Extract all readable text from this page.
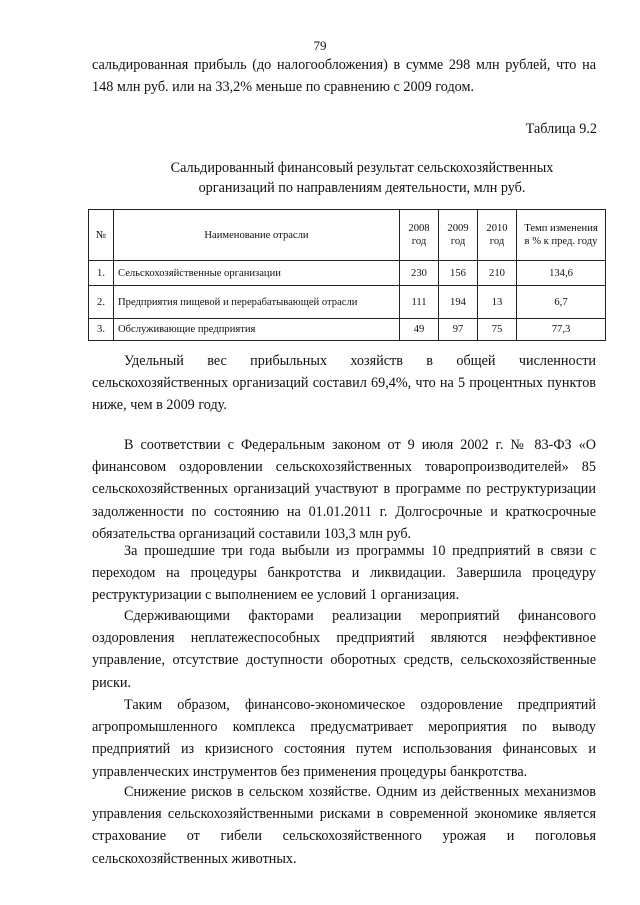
79

сальдированная прибыль (до налогообложения) в сумме 298 млн рублей, что на 148 млн руб. или на 33,2% меньше по сравнению с 2009 годом.

Таблица 9.2
Сальдированный финансовый результат сельскохозяйственных
организаций по направлениям деятельности, млн руб.
№	Наименование отрасли	2008 год	2009 год	2010 год	Темп изменения в % к пред. году
1.	Сельскохозяйственные организации	230	156	210	134,6
2.	Предприятия пищевой и перерабатывающей отрасли	111	194	13	6,7
3.	Обслуживающие предприятия	49	97	75	77,3

Удельный вес прибыльных хозяйств в общей численности сельскохозяйственных организаций составил 69,4%, что на 5 процентных пунктов ниже, чем в 2009 году.

В соответствии с Федеральным законом от 9 июля 2002 г. № 83-ФЗ «О финансовом оздоровлении сельскохозяйственных товаропроизводителей» 85 сельскохозяйственных организаций участвуют в программе по реструктуризации задолженности по состоянию на 01.01.2011 г. Долгосрочные и краткосрочные обязательства организаций составили 103,3 млн руб.

За прошедшие три года выбыли из программы 10 предприятий в связи с переходом на процедуры банкротства и ликвидации. Завершила процедуру реструктуризации с выполнением ее условий 1 организация.

Сдерживающими факторами реализации мероприятий финансового оздоровления неплатежеспособных предприятий являются неэффективное управление, отсутствие доступности оборотных средств, сельскохозяйственные риски.

Таким образом, финансово-экономическое оздоровление предприятий агропромышленного комплекса предусматривает мероприятия по выводу предприятий из кризисного состояния путем использования финансовых и управленческих инструментов без применения процедуры банкротства.

Снижение рисков в сельском хозяйстве. Одним из действенных механизмов управления сельскохозяйственными рисками в современной экономике является страхование от гибели сельскохозяйственного урожая и поголовья сельскохозяйственных животных.
